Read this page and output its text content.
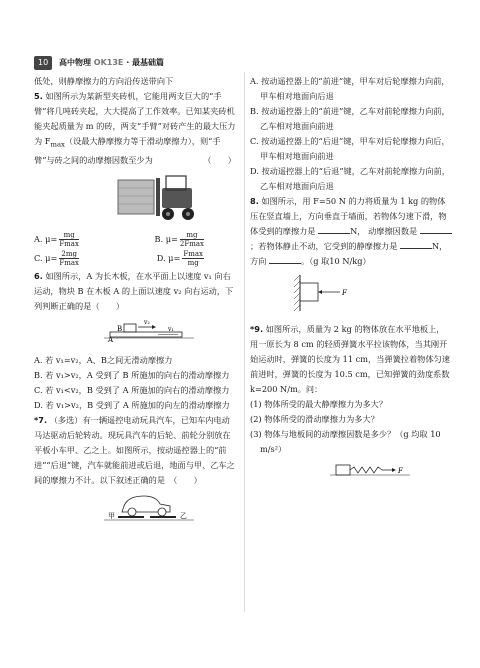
10 高中物理 OK13E · 最基础篇

低处，则静摩擦力的方向沿传送带向下

5. 如图所示为某新型夹砖机，它能用两支巨大的“手臂”将几吨砖夹起，大大提高了工作效率。已知某夹砖机能夹起质量为 m 的砖，两支“手臂”对砖产生的最大压力为 $F_{max}$（设最大静摩擦力等于滑动摩擦力），则“手臂”与砖之间的动摩擦因数至少为	（　　）

A. $\mu= \frac{mg}{Fmax}$	B. $\mu= \frac{mg}{2Fmax}$
C. $\mu= \frac{2mg}{Fmax}$	D. $\mu= \frac{Fmax}{mg}$

6. 如图所示，A 为长木板，在水平面上以速度 v₁ 向右运动，物块 B 在木板 A 的上面以速度 v₂ 向右运动，下列判断正确的是（　　）

B
v₂
A
v₁

A. 若 v₁=v₂，A、B之间无滑动摩擦力

B. 若 v₁>v₂，A 受到了 B 所施加的向右的滑动摩擦力

C. 若 v₁<v₂，B 受到了 A 所施加的向右的滑动摩擦力

D. 若 v₁>v₂，B 受到了 A 所施加的向左的滑动摩擦力

*7. （多选）有一辆遥控电动玩具汽车，已知车内电动马达驱动后轮转动。现玩具汽车的后轮、前轮分别放在平板小车甲、乙之上。如图所示，按动遥控器上的“前进”“后退”键，汽车就能前进或后退，地面与甲、乙车之间的摩擦力不计。以下叙述正确的是　（　　）

甲	乙

A. 按动遥控器上的“前进”键，甲车对后轮摩擦力向前，甲车相对地面向后退

B. 按动遥控器上的“前进”键，乙车对前轮摩擦力向前，乙车相对地面向前进

C. 按动遥控器上的“后退”键，甲车对后轮摩擦力向后，甲车相对地面向前进

D. 按动遥控器上的“后退”键，乙车对前轮摩擦力向前，乙车相对地面向后退

8. 如图所示，用 F=50 N 的力将质量为 1 kg 的物体压在竖直墙上，方向垂直于墙面，若物体匀速下滑，物体受到的摩擦力是	N， 动摩擦因数是 ；若物体静止不动，它受到的静摩擦力是	N，方向	。（g 取10 N/kg）

F

*9. 如图所示，质量为 2 kg 的物体放在水平地板上，用一原长为 8 cm 的轻质弹簧水平拉该物体，当其刚开始运动时，弹簧的长度为 11 cm，当弹簧拉着物体匀速前进时，弹簧的长度为 10.5 cm，已知弹簧的劲度系数 k=200 N/m。问：

(1) 物体所受的最大静摩擦力为多大？

(2) 物体所受的滑动摩擦力为多大？

(3) 物体与地板间的动摩擦因数是多少？（g 均取 10 m/s²）

F
